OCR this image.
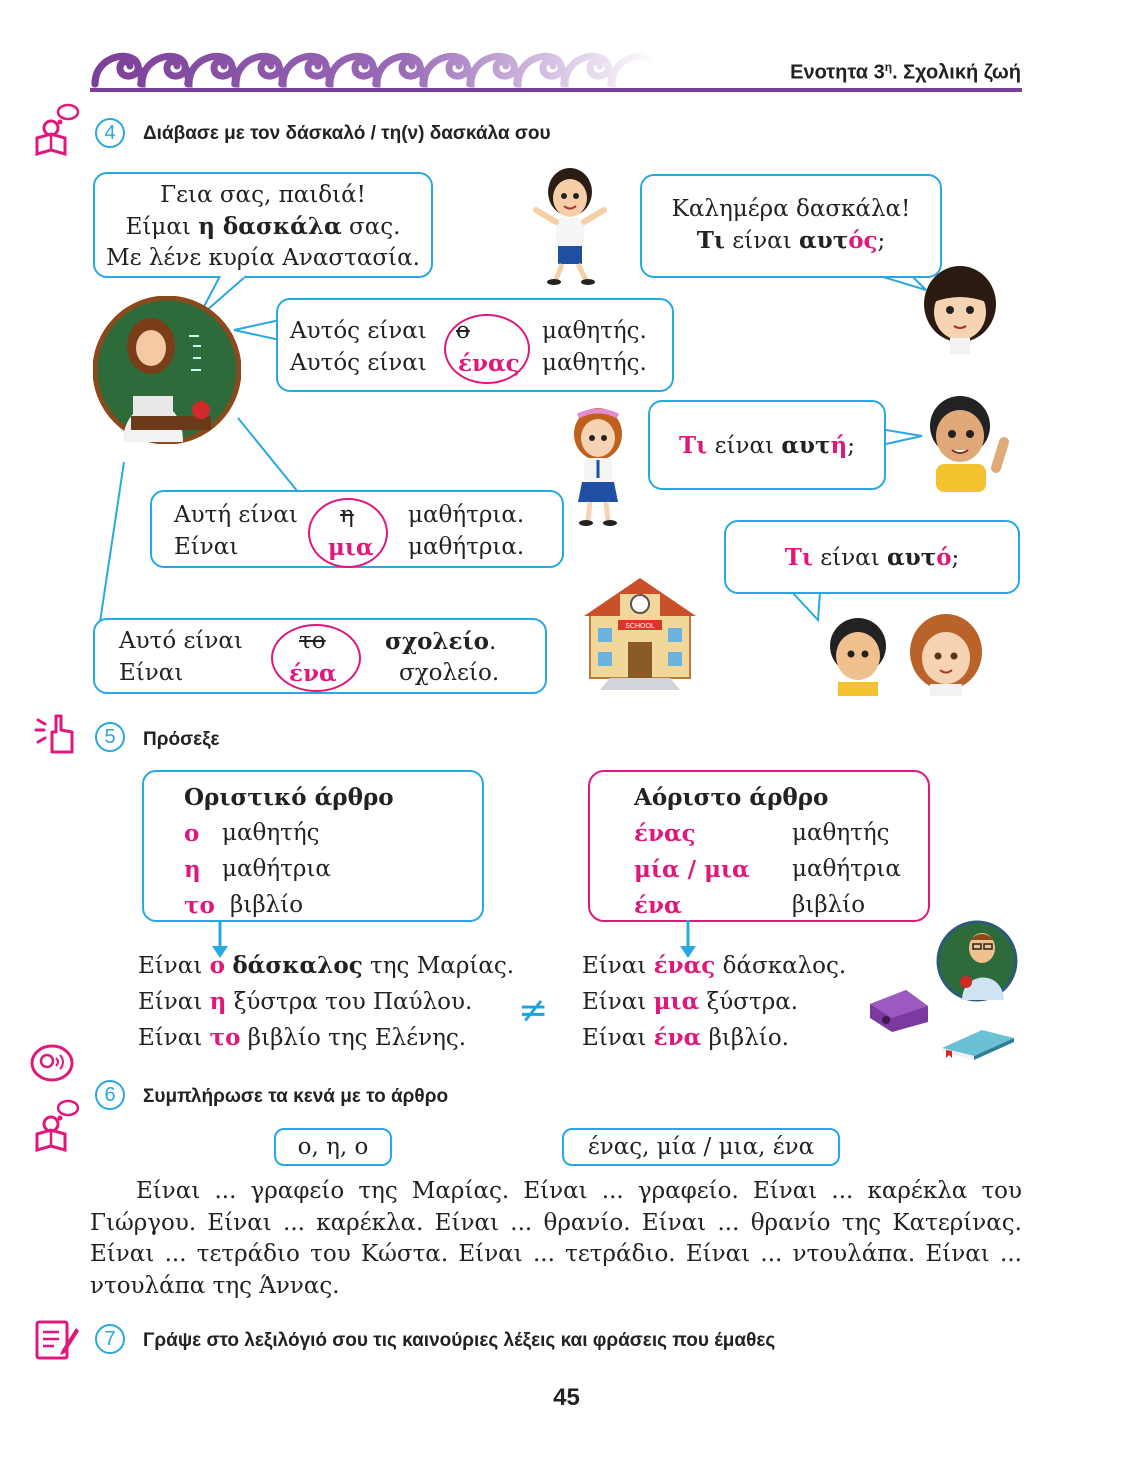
Ενοτητα $3^\eta$. Σχολική ζωή
4	Διάβασε με τον δάσκαλό / τη(ν) δασκάλα σου
Γεια σας, παιδιά!
Είμαι η δασκάλα σας.
Με λένε κυρία Αναστασία.
Καλημέρα δασκάλα!
Τι είναι αυτός;
Αυτός είναι ο	μαθητής.
Αυτός είναι ένας μαθητής.
Τι είναι αυτή;
Αυτή είναι η μαθήτρια.
Είναι	μια μαθήτρια.	Τι είναι αυτό;
SCHOOL
Αυτό είναι το	σχολείο.
Είναι	ένα	σχολείο.
5	Πρόσεξε
Οριστικό άρθρο
ο μαθητής
η μαθήτρια
το βιβλίο
Αόριστο άρθρο
ένας	μαθητής
μία / μια μαθήτρια
ένα	βιβλίο
Είναι ο δάσκαλος της Μαρίας.
Είναι η ξύστρα του Παύλου.
Είναι το βιβλίο της Ελένης.
≠
Είναι ένας δάσκαλος.
Είναι μια ξύστρα.
Είναι ένα βιβλίο.
6	Συμπλήρωσε τα κενά με το άρθρο
ο, η, ο	ένας, μία / μια, ένα
Είναι ... γραφείο της Μαρίας. Είναι ... γραφείο. Είναι ... καρέκλα του Γιώργου. Είναι ... καρέκλα. Είναι ... θρανίο. Είναι ... θρανίο της Κατερίνας. Είναι ... τετράδιο του Κώστα. Είναι ... τετράδιο. Είναι ... ντουλάπα. Είναι ... ντουλάπα της Άννας.
7	Γράψε στο λεξιλόγιό σου τις καινούριες λέξεις και φράσεις που έμαθες
45
